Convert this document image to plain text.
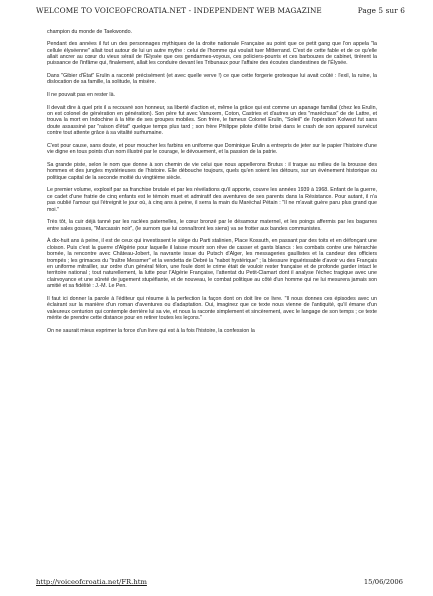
WELCOME TO VOICEOFCROATIA.NET - INDEPENDENT WEB MAGAZINE	Page 5 sur 6

champion du monde de Taekwondo.

Pendant des années il fut un des personnages mythiques de la droite nationale Française au point que ce petit gang que l'on appela "la cellule élyséenne" allait tout autour de lui un autre mythe : celui de l'homme qui voulait tuer Mitterrand. C'est de cette fable et de ce qu'elle allait ancrer au cœur du vieux sérail de l'Élysée que ces gendarmes-voyous, ces policiers-pourris et ces barbouzes de cabinet, tirèrent la puissance de l'infâme qui, finalement, allait les conduire devant les Tribunaux pour l'affaire des écoutes clandestines de l'Élysée.

Dans "Gibier d'État" Erulin a raconté précisément (et avec quelle verve !) ce que cette forgerie grotesque lui avait coûté : l'exil, la ruine, la dislocation de sa famille, la solitude, la misère.

Il ne pouvait pas en rester là.

Il devait dire à quel prix il a recouvré son honneur, sa liberté d'action et, même la grâce qui est comme un apanage familial (chez les Erulin, on est colonel de génération en génération). Son père fut avec Vanuxem, Coton, Castries et d'autres un des "maréchaux" de de Lattre, et trouva la mort en Indochine à la tête de ses groupes mobiles. Son frère, le fameux Colonel Erulin, "Soleil" de l'opération Kolwezi fut sans doute assassiné par "raison d'état" quelque temps plus tard ; son frère Philippe pilote d'élite brisé dans le crash de son appareil survécut contre tout attente grâce à sa vitalité surhumaine.

C'est pour cause, sans doute, et pour moucher les farbins en uniforme que Dominique Erulin a entrepris de jeter sur le papier l'histoire d'une vie digne en tous points d'un nom illustré par le courage, le dévouement, et la passion de la patrie.

Sa grande piste, selon le nom que donne à son chemin de vie celui que nous appellerons Brutus : il traque au milieu de la brousse des hommes et des jungles mystérieuses de l'histoire. Elle débouche toujours, quels qu'en soient les détours, sur un événement historique ou politique capital de la seconde moitié du vingtième siècle.

Le premier volume, explosif par sa franchise brutale et par les révélations qu'il apporte, couvre les années 1939 à 1968. Enfant de la guerre, ce cadet d'une fratrie de cinq enfants est le témoin muet et admiratif des aventures de ses parents dans la Résistance. Pour autant, il n'a pas oublié l'amour qui l'étreignit le jour où, à cinq ans à peine, il serra la main du Maréchal Pétain : "Il ne m'avait guère paru plus grand que moi."

Très tôt, la cuir déjà tanné par les raclées paternelles, le cœur bronzé par le désamour maternel, et les poings affermis par les bagarres entre sales gosses, "Marcassin noir", (le surnom que lui connaîtront les siens) va se frotter aux bandes communistes.

À dix-huit ans à peine, il est de ceux qui investissent le siège du Parti stalinien, Place Kossuth, en passant par des toits et en défonçant une cloison. Puis c'est la guerre d'Algérie pour laquelle il laisse mourir son rêve de casser et gants blancs : les combats contre une hiérarchie bornée, la rencontre avec Château-Jobert, la navrante issue du Putsch d'Alger, les messageries gaullistes et la candeur des officiers trompés ; les grimaces du "traître Messmer" et la vendetta de Debré la "nabot hystérique" ; la blessure inguérissable d'avoir vu des Français en uniforme mitrailler, sur ordre d'un général félon, une foule dont le crime était de vouloir rester française et de profonde garder intact le territoire national ; tout naturellement, la lutte pour l'Algérie Française, l'attentat du Petit-Clamart dont il analyse l'échec tragique avec une clairvoyance et une sûreté de jugement stupéfiante, et de nouveau, le combat politique au côté d'un homme qui ne lui mesurera jamais son amitié et sa fidélité : J.-M. Le Pen.

Il faut ici donner la parole à l'éditeur qui résume à la perfection la façon dont on doit lire ce livre. "Il nous donnes ces épisodes avec un éclairant sur la manière d'un roman d'aventures ou d'adaptation. Oui, imaginez que ce texte nous vienne de l'antiquité, qu'il émane d'un valeureux centurion qui contemple derrière lui sa vie, et nous la raconte simplement et sincèrement, avec le langage de son temps ; ce texte mérite de prendre cette distance pour en retirer toutes les leçons."

On ne saurait mieux exprimer la force d'un livre qui est à la fois l'histoire, la confession la

http://voiceofcroatia.net/FR.htm	15/06/2006
